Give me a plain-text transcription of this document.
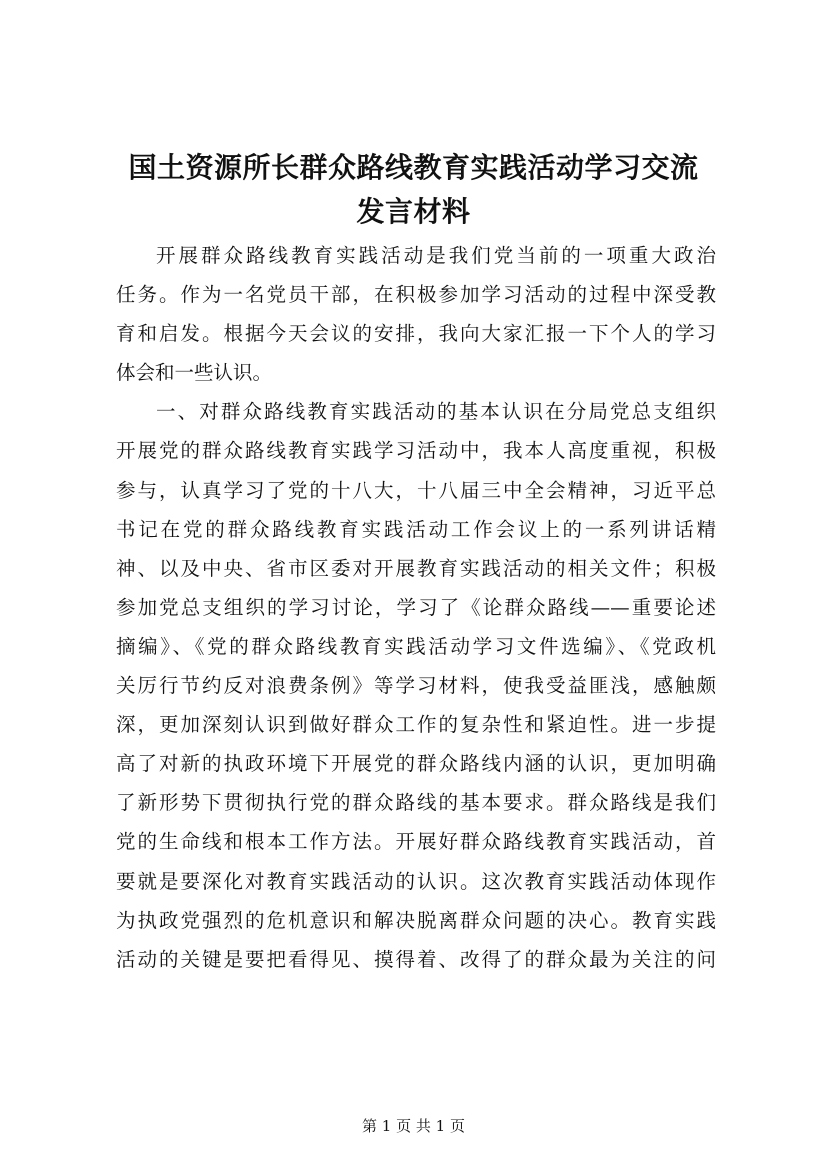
国土资源所长群众路线教育实践活动学习交流
发言材料
开展群众路线教育实践活动是我们党当前的一项重大政治
任务。作为一名党员干部，在积极参加学习活动的过程中深受教
育和启发。根据今天会议的安排，我向大家汇报一下个人的学习
体会和一些认识。
一、对群众路线教育实践活动的基本认识在分局党总支组织
开展党的群众路线教育实践学习活动中，我本人高度重视，积极
参与，认真学习了党的十八大，十八届三中全会精神，习近平总
书记在党的群众路线教育实践活动工作会议上的一系列讲话精
神、以及中央、省市区委对开展教育实践活动的相关文件；积极
参加党总支组织的学习讨论，学习了《论群众路线——重要论述
摘编》、《党的群众路线教育实践活动学习文件选编》、《党政机
关厉行节约反对浪费条例》等学习材料，使我受益匪浅，感触颇
深，更加深刻认识到做好群众工作的复杂性和紧迫性。进一步提
高了对新的执政环境下开展党的群众路线内涵的认识，更加明确
了新形势下贯彻执行党的群众路线的基本要求。群众路线是我们
党的生命线和根本工作方法。开展好群众路线教育实践活动，首
要就是要深化对教育实践活动的认识。这次教育实践活动体现作
为执政党强烈的危机意识和解决脱离群众问题的决心。教育实践
活动的关键是要把看得见、摸得着、改得了的群众最为关注的问
第 1 页 共 1 页
